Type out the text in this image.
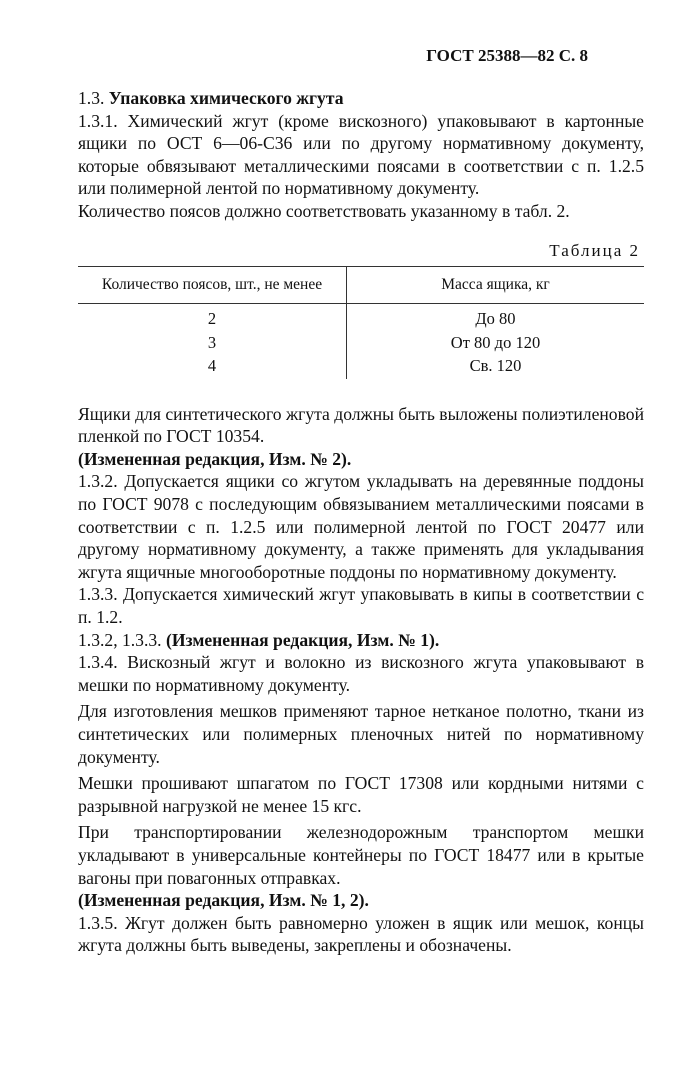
ГОСТ 25388—82 С. 8

1.3. Упаковка химического жгута

1.3.1. Химический жгут (кроме вискозного) упаковывают в картонные ящики по ОСТ 6—06-С36 или по другому нормативному документу, которые обвязывают металлическими поясами в соответствии с п. 1.2.5 или полимерной лентой по нормативному документу.

Количество поясов должно соответствовать указанному в табл. 2.

Таблица 2
Количество поясов, шт., не менее	Масса ящика, кг
2	До 80
3	От 80 до 120
4	Св. 120

Ящики для синтетического жгута должны быть выложены полиэтиленовой пленкой по ГОСТ 10354.

(Измененная редакция, Изм. № 2).

1.3.2. Допускается ящики со жгутом укладывать на деревянные поддоны по ГОСТ 9078 с последующим обвязыванием металлическими поясами в соответствии с п. 1.2.5 или полимерной лентой по ГОСТ 20477 или другому нормативному документу, а также применять для укладывания жгута ящичные многооборотные поддоны по нормативному документу.

1.3.3. Допускается химический жгут упаковывать в кипы в соответствии с п. 1.2.

1.3.2, 1.3.3. (Измененная редакция, Изм. № 1).

1.3.4. Вискозный жгут и волокно из вискозного жгута упаковывают в мешки по нормативному документу.

Для изготовления мешков применяют тарное нетканое полотно, ткани из синтетических или полимерных пленочных нитей по нормативному документу.

Мешки прошивают шпагатом по ГОСТ 17308 или кордными нитями с разрывной нагрузкой не менее 15 кгс.

При транспортировании железнодорожным транспортом мешки укладывают в универсальные контейнеры по ГОСТ 18477 или в крытые вагоны при повагонных отправках.

(Измененная редакция, Изм. № 1, 2).

1.3.5. Жгут должен быть равномерно уложен в ящик или мешок, концы жгута должны быть выведены, закреплены и обозначены.
